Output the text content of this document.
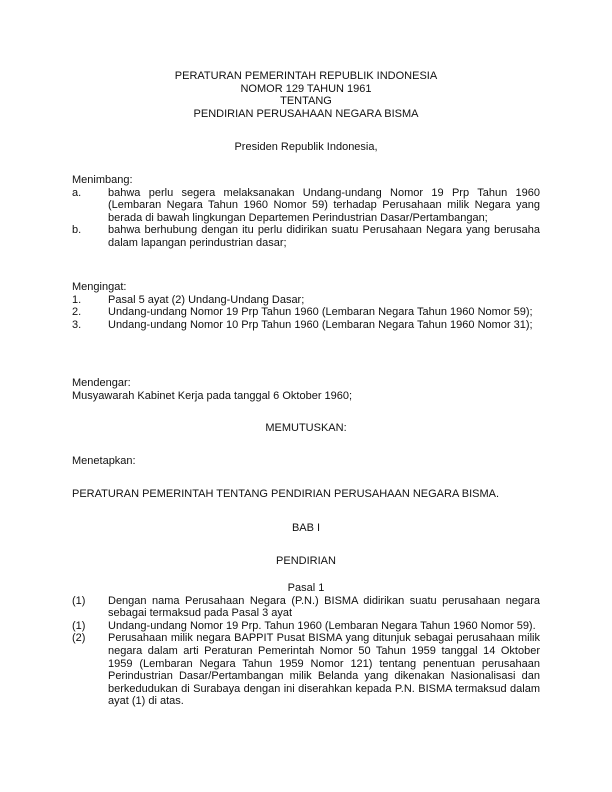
PERATURAN PEMERINTAH REPUBLIK INDONESIA
NOMOR 129 TAHUN 1961
TENTANG
PENDIRIAN PERUSAHAAN NEGARA BISMA
Presiden Republik Indonesia,
Menimbang:
a.	bahwa perlu segera melaksanakan Undang-undang Nomor 19 Prp Tahun 1960 (Lembaran Negara Tahun 1960 Nomor 59) terhadap Perusahaan milik Negara yang berada di bawah lingkungan Departemen Perindustrian Dasar/Pertambangan;
b.	bahwa berhubung dengan itu perlu didirikan suatu Perusahaan Negara yang berusaha dalam lapangan perindustrian dasar;
Mengingat:
1.	Pasal 5 ayat (2) Undang-Undang Dasar;
2.	Undang-undang Nomor 19 Prp Tahun 1960 (Lembaran Negara Tahun 1960 Nomor 59);
3.	Undang-undang Nomor 10 Prp Tahun 1960 (Lembaran Negara Tahun 1960 Nomor 31);
Mendengar:
Musyawarah Kabinet Kerja pada tanggal 6 Oktober 1960;
MEMUTUSKAN:
Menetapkan:
PERATURAN PEMERINTAH TENTANG PENDIRIAN PERUSAHAAN NEGARA BISMA.
BAB I
PENDIRIAN
Pasal 1
(1)	Dengan nama Perusahaan Negara (P.N.) BISMA didirikan suatu perusahaan negara sebagai termaksud pada Pasal 3 ayat
(1)	Undang-undang Nomor 19 Prp. Tahun 1960 (Lembaran Negara Tahun 1960 Nomor 59).
(2)	Perusahaan milik negara BAPPIT Pusat BISMA yang ditunjuk sebagai perusahaan milik negara dalam arti Peraturan Pemerintah Nomor 50 Tahun 1959 tanggal 14 Oktober 1959 (Lembaran Negara Tahun 1959 Nomor 121) tentang penentuan perusahaan Perindustrian Dasar/Pertambangan milik Belanda yang dikenakan Nasionalisasi dan berkedudukan di Surabaya dengan ini diserahkan kepada P.N. BISMA termaksud dalam ayat (1) di atas.
